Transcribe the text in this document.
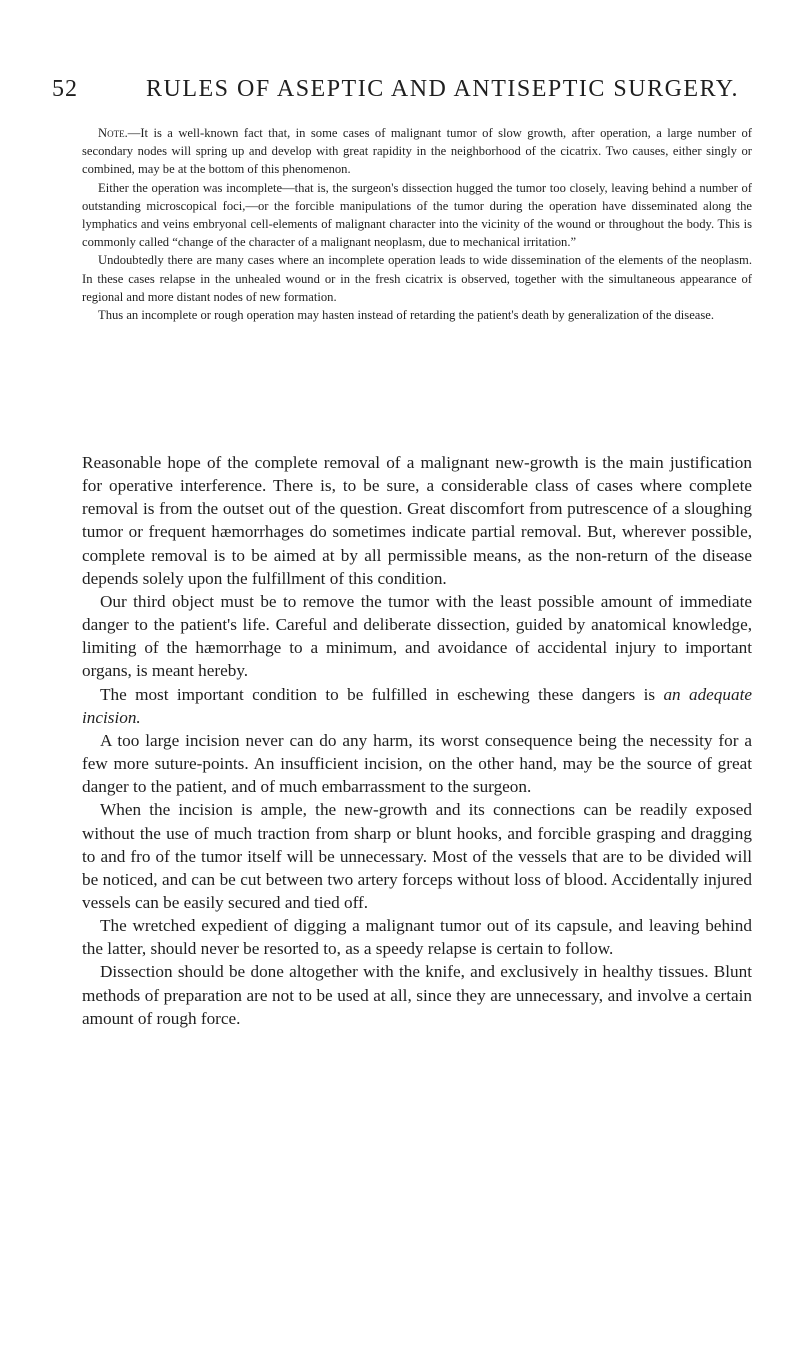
52	RULES OF ASEPTIC AND ANTISEPTIC SURGERY.

Note.—It is a well-known fact that, in some cases of malignant tumor of slow growth, after operation, a large number of secondary nodes will spring up and develop with great rapidity in the neighborhood of the cicatrix. Two causes, either singly or combined, may be at the bottom of this phenomenon.

Either the operation was incomplete—that is, the surgeon's dissection hugged the tumor too closely, leaving behind a number of outstanding microscopical foci,—or the forcible manipulations of the tumor during the operation have disseminated along the lymphatics and veins embryonal cell-elements of malignant character into the vicinity of the wound or throughout the body. This is commonly called “change of the character of a malignant neoplasm, due to mechanical irritation.”

Undoubtedly there are many cases where an incomplete operation leads to wide dissemination of the elements of the neoplasm. In these cases relapse in the unhealed wound or in the fresh cicatrix is observed, together with the simultaneous appearance of regional and more distant nodes of new formation.

Thus an incomplete or rough operation may hasten instead of retarding the patient's death by generalization of the disease.

Reasonable hope of the complete removal of a malignant new-growth is the main justification for operative interference. There is, to be sure, a considerable class of cases where complete removal is from the outset out of the question. Great discomfort from putrescence of a sloughing tumor or frequent hæmorrhages do sometimes indicate partial removal. But, wherever possible, complete removal is to be aimed at by all permissible means, as the non-return of the disease depends solely upon the fulfillment of this condition.

Our third object must be to remove the tumor with the least possible amount of immediate danger to the patient's life. Careful and deliberate dissection, guided by anatomical knowledge, limiting of the hæmorrhage to a minimum, and avoidance of accidental injury to important organs, is meant hereby.

The most important condition to be fulfilled in eschewing these dangers is an adequate incision.

A too large incision never can do any harm, its worst consequence being the necessity for a few more suture-points. An insufficient incision, on the other hand, may be the source of great danger to the patient, and of much embarrassment to the surgeon.

When the incision is ample, the new-growth and its connections can be readily exposed without the use of much traction from sharp or blunt hooks, and forcible grasping and dragging to and fro of the tumor itself will be unnecessary. Most of the vessels that are to be divided will be noticed, and can be cut between two artery forceps without loss of blood. Accidentally injured vessels can be easily secured and tied off.

The wretched expedient of digging a malignant tumor out of its capsule, and leaving behind the latter, should never be resorted to, as a speedy relapse is certain to follow.

Dissection should be done altogether with the knife, and exclusively in healthy tissues. Blunt methods of preparation are not to be used at all, since they are unnecessary, and involve a certain amount of rough force.
